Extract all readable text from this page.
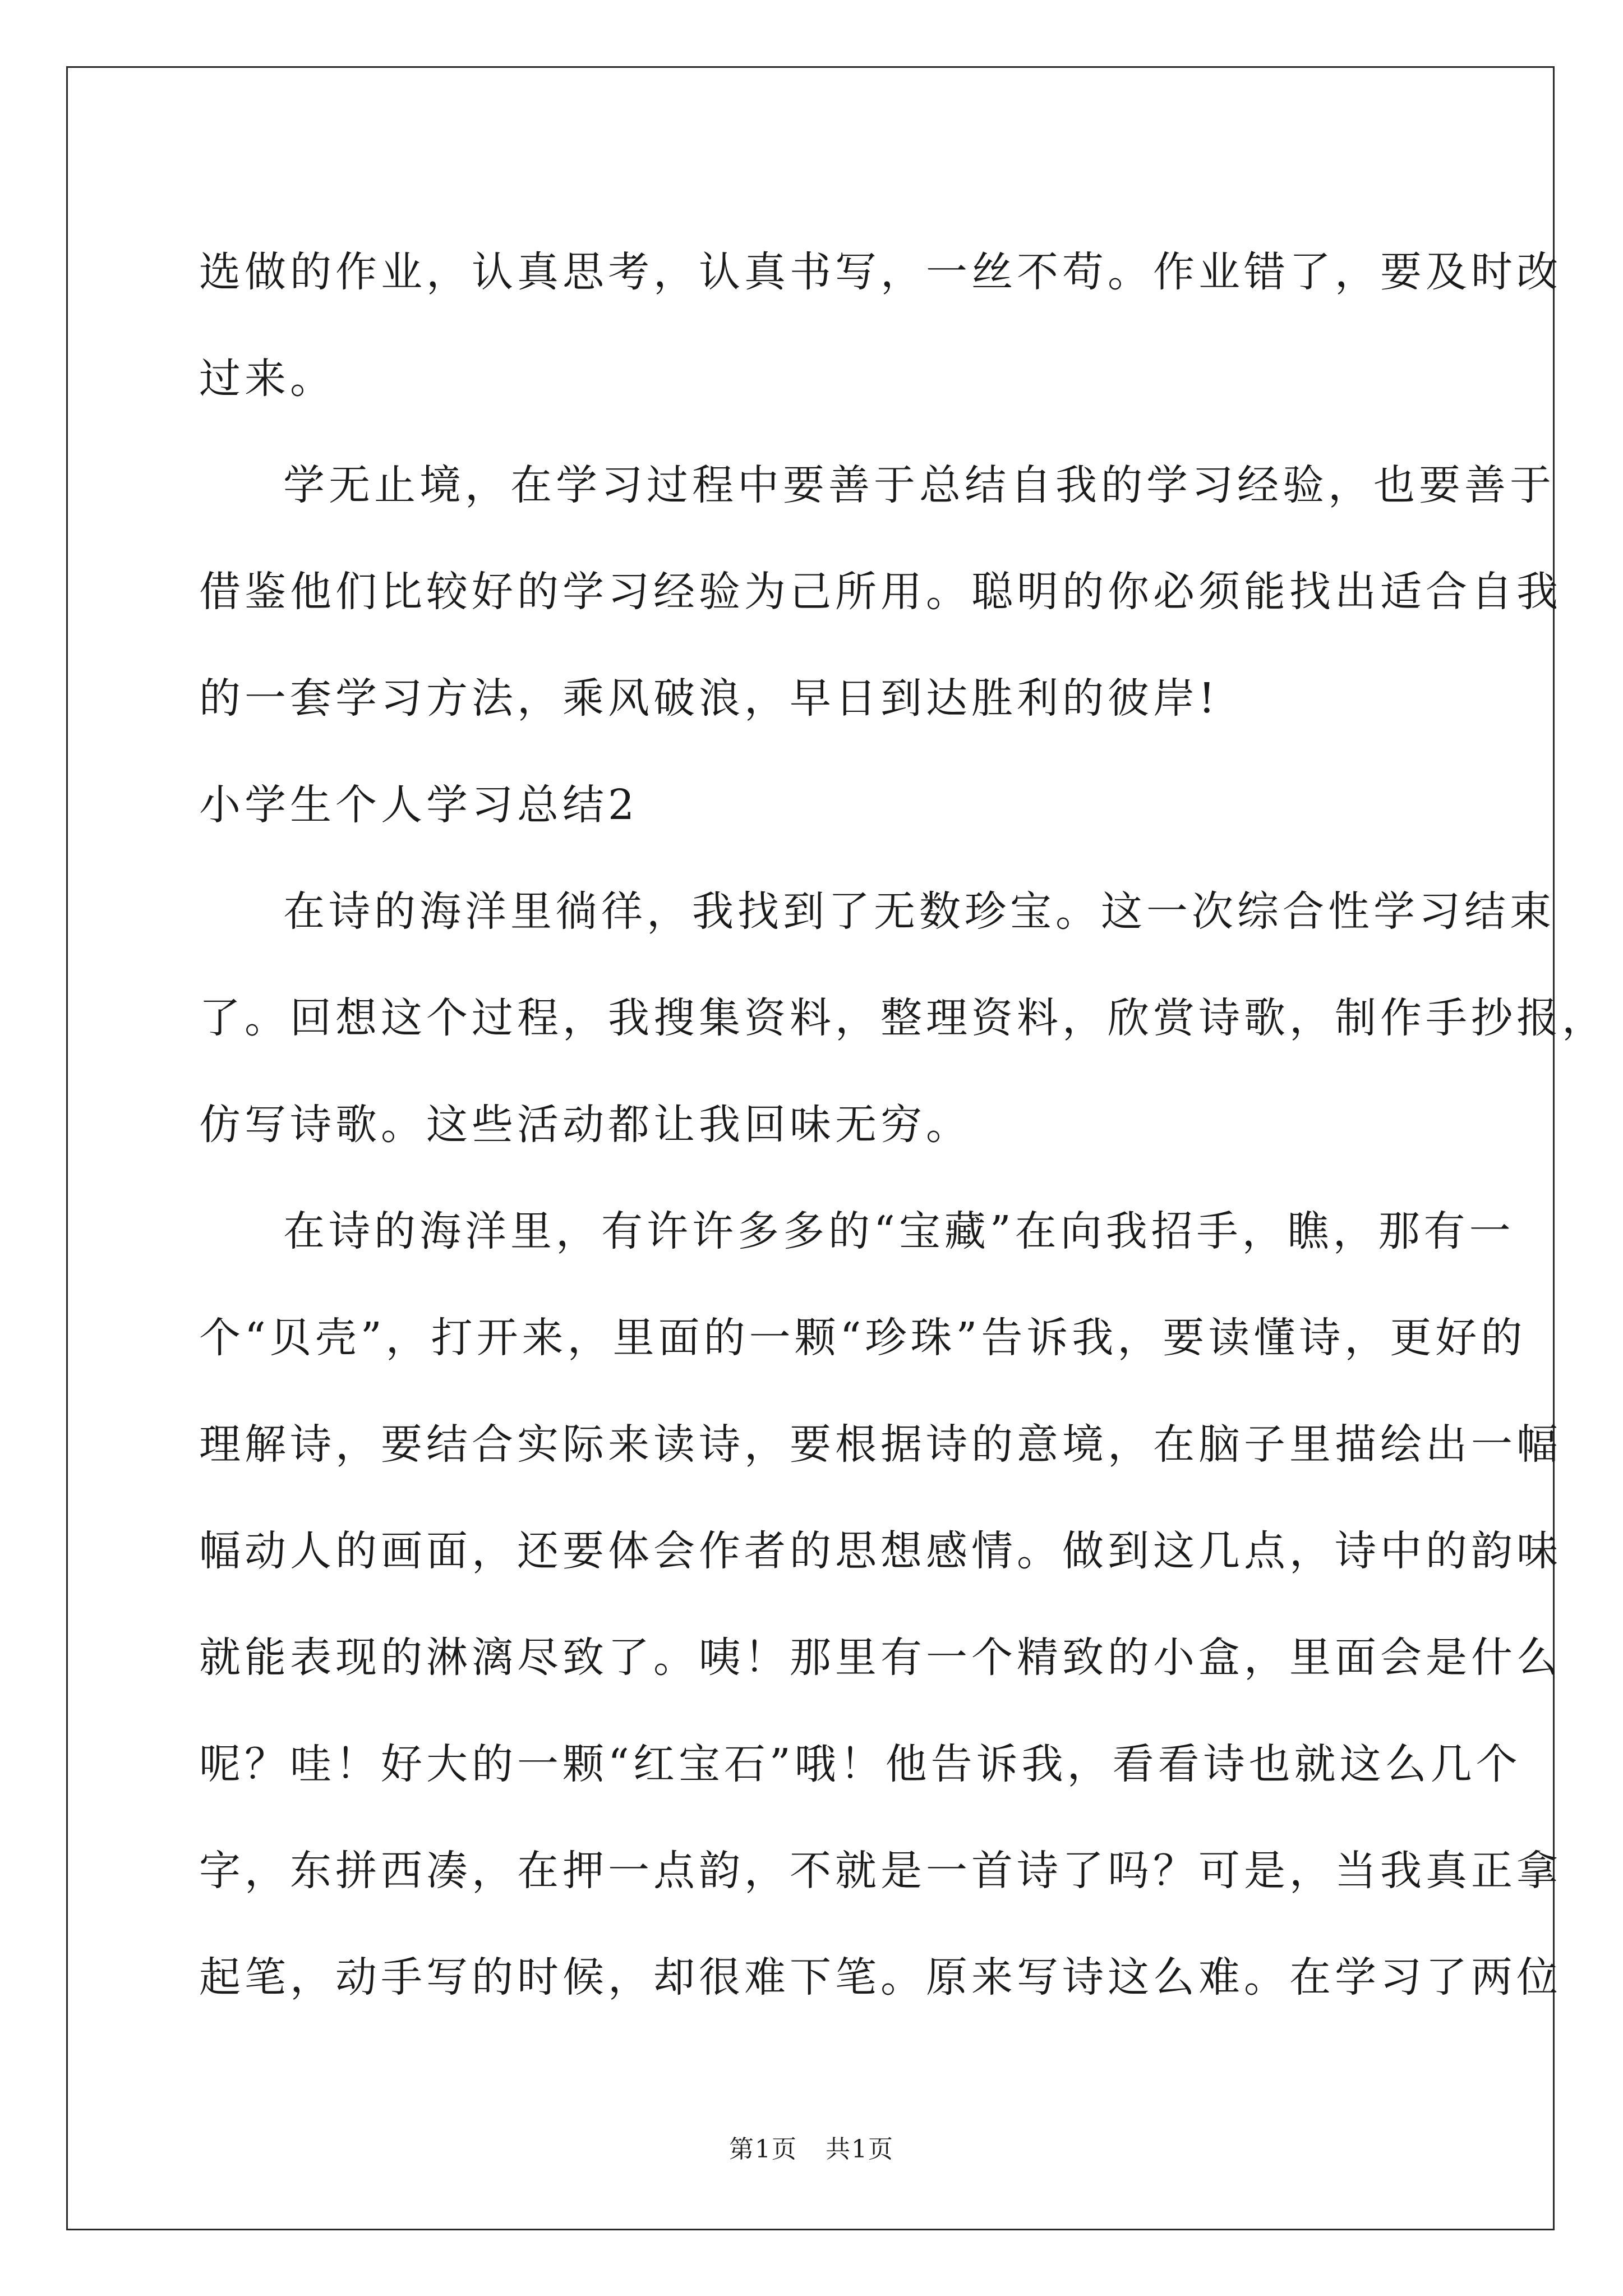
选做的作业，认真思考，认真书写，一丝不苟。作业错了，要及时改
过来。
学无止境，在学习过程中要善于总结自我的学习经验，也要善于
借鉴他们比较好的学习经验为己所用。聪明的你必须能找出适合自我
的一套学习方法，乘风破浪，早日到达胜利的彼岸!
小学生个人学习总结2
在诗的海洋里徜徉，我找到了无数珍宝。这一次综合性学习结束
了。回想这个过程，我搜集资料，整理资料，欣赏诗歌，制作手抄报，
仿写诗歌。这些活动都让我回味无穷。
在诗的海洋里，有许许多多的“宝藏”在向我招手，瞧，那有一
个“贝壳”，打开来，里面的一颗“珍珠”告诉我，要读懂诗，更好的
理解诗，要结合实际来读诗，要根据诗的意境，在脑子里描绘出一幅
幅动人的画面，还要体会作者的思想感情。做到这几点，诗中的韵味
就能表现的淋漓尽致了。咦！那里有一个精致的小盒，里面会是什么
呢？哇！好大的一颗“红宝石”哦！他告诉我，看看诗也就这么几个
字，东拼西凑，在押一点韵，不就是一首诗了吗？可是，当我真正拿
起笔，动手写的时候，却很难下笔。原来写诗这么难。在学习了两位
第1页 共1页
